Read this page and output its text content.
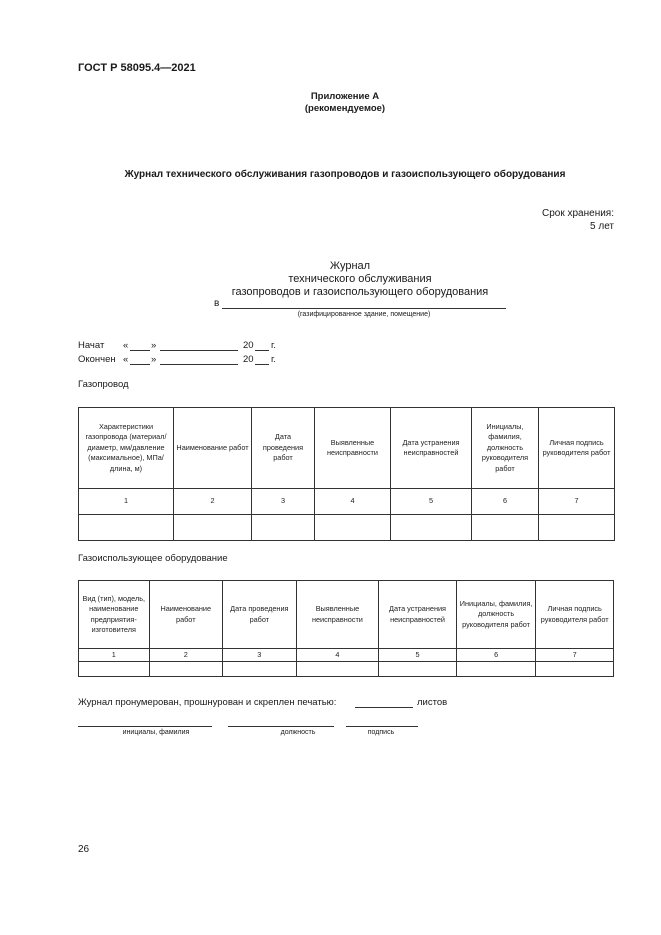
ГОСТ Р 58095.4—2021
Приложение А
(рекомендуемое)
Журнал технического обслуживания газопроводов и газоиспользующего оборудования
Срок хранения:
5 лет
Журнал
технического обслуживания
газопроводов и газоиспользующего оборудования
в
(газифицированное здание, помещение)
Начат « »	20 г.
Окончен « »	20 г.
Газопровод
Характеристики газопровода (материал/диаметр, мм/давление (максимальное), МПа/длина, м)	Наименование работ	Дата проведения работ	Выявленные неисправности	Дата устранения неисправностей	Инициалы, фамилия, должность руководителя работ	Личная подпись руководителя работ
1	2	3	4	5	6	7

Газоиспользующее оборудование
Вид (тип), модель, наименование предприятия-изготовителя	Наименование работ	Дата проведения работ	Выявленные неисправности	Дата устранения неисправностей	Инициалы, фамилия, должность руководителя работ	Личная подпись руководителя работ
1	2	3	4	5	6	7

Журнал пронумерован, прошнурован и скреплен печатью:	листов
инициалы, фамилия	должность	подпись
26
